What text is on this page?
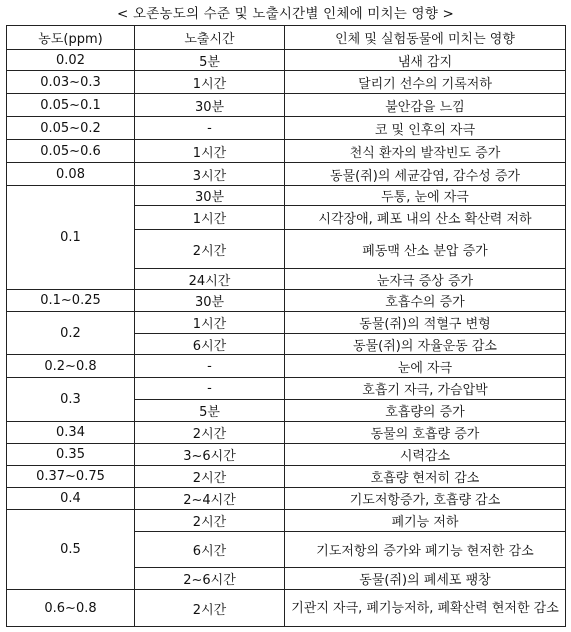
< 오존농도의 수준 및 노출시간별 인체에 미치는 영향 >
농도(ppm)	노출시간	인체 및 실험동물에 미치는 영향
0.02	5분	냄새 감지
0.03~0.3	1시간	달리기 선수의 기록저하
0.05~0.1	30분	불안감을 느낌
0.05~0.2	-	코 및 인후의 자극
0.05~0.6	1시간	천식 환자의 발작빈도 증가
0.08	3시간	동물(쥐)의 세균감염, 감수성 증가
0.1	30분	두통, 눈에 자극
	1시간	시각장애, 폐포 내의 산소 확산력 저하
	2시간	폐동맥 산소 분압 증가
	24시간	눈자극 증상 증가
0.1~0.25	30분	호흡수의 증가
0.2	1시간	동물(쥐)의 적혈구 변형
	6시간	동물(쥐)의 자율운동 감소
0.2~0.8	-	눈에 자극
0.3	-	호흡기 자극, 가슴압박
	5분	호흡량의 증가
0.34	2시간	동물의 호흡량 증가
0.35	3~6시간	시력감소
0.37~0.75	2시간	호흡량 현저히 감소
0.4	2~4시간	기도저항증가, 호흡량 감소
0.5	2시간	폐기능 저하
	6시간	기도저항의 증가와 폐기능 현저한 감소
	2~6시간	동물(쥐)의 폐세포 팽창
0.6~0.8	2시간	기관지 자극, 폐기능저하, 폐확산력 현저한 감소
